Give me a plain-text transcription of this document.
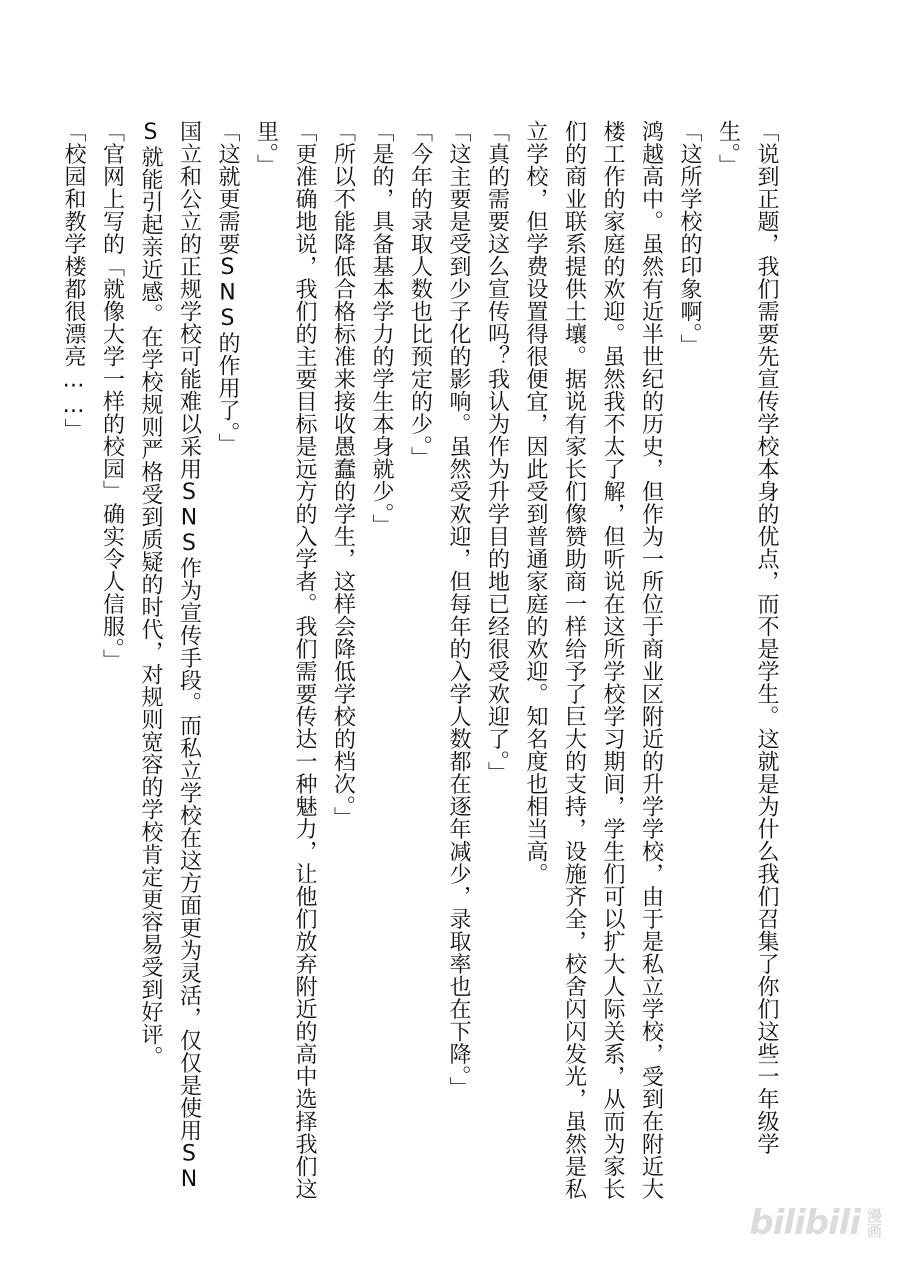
「说到正题，我们需要先宣传学校本身的优点，而不是学生。这就是为什么我们召集了你们这些一年级学生。」

「这所学校的印象啊。」

鸿越高中。虽然有近半世纪的历史，但作为一所位于商业区附近的升学学校，由于是私立学校，受到在附近大楼工作的家庭的欢迎。虽然我不太了解，但听说在这所学校学习期间，学生们可以扩大人际关系，从而为家长们的商业联系提供土壤。据说有家长们像赞助商一样给予了巨大的支持，设施齐全，校舍闪闪发光，虽然是私立学校，但学费设置得很便宜，因此受到普通家庭的欢迎。知名度也相当高。

「真的需要这么宣传吗？我认为作为升学目的地已经很受欢迎了。」

「这主要是受到少子化的影响。虽然受欢迎，但每年的入学人数都在逐年减少，录取率也在下降。」

「今年的录取人数也比预定的少。」

「是的，具备基本学力的学生本身就少。」

「所以不能降低合格标准来接收愚蠢的学生，这样会降低学校的档次。」

「更准确地说，我们的主要目标是远方的入学者。我们需要传达一种魅力，让他们放弃附近的高中选择我们这里。」

「这就更需要SNS的作用了。」

国立和公立的正规学校可能难以采用SNS作为宣传手段。而私立学校在这方面更为灵活，仅仅是使用SNS就能引起亲近感。在学校规则严格受到质疑的时代，对规则宽容的学校肯定更容易受到好评。

「官网上写的「就像大学一样的校园」确实令人信服。」

「校园和教学楼都很漂亮……」

bilibili 漫画
